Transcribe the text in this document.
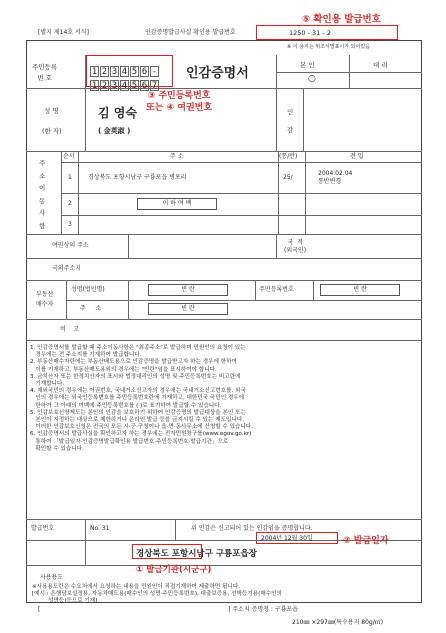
[별지 제14호 서식]	인감증명발급사실 확인용 발급번호	1250 - 31 - 2
⑤ 확인용 발급번호
※ 이 용지는 위조식별표시가 되어있음
주민등록
번 호
1 2 3 4 5 6 -
1 2 3 4 5 6 7
인감증명서
본 인	대 리
○
③ 주민등록번호
또는 ④ 여권번호
성 명
(한 자)
김 영숙
( 金英淑 )
인

감
주
소
이
동
사
항
순서	주 소	(통/반)	전 입
1	경상북도 포항시남구 구룡포읍 병포리	25/
2004.02.04
통반변경
2	이 하 여 백
3
여권상의 주소	국  적
(외국인)
국외주소지
부동산
매수자
성명(법인명)	빈 란	주민등록번호	빈 란
주     소	빈 란
비    고
1. 인감증명서를 발급할 때 주소이동사항은 "최종주소"로 발급하며 민원인의 요청이 있는
경우에는 전 주소지를 기재하여 발급합니다.
2. 부동산매수자란에는 부동산매도용으로 인감증명을 발급받고자 하는 경우에 한하여
이를 기재하고, 부동산매도용외의 경우에는 "빈란"임을 표시하여야 합니다.
3. 금치산자 또는 한정치산자의 표시와 법정대리인의 성명 및 주민등록번호는 비고란에
기재합니다.
4. 재외국민의 경우에는 여권번호, 국내거소신고자의 경우에는 국내거소신고번호를, 외국
인의 경우에는 외국인등록번호를 주민등록번호란에 기재하고, 대한민국 국민인 경우에
한하여 그 아래의 여백에 주민등록번호를 ( )로 표기하여 발급할 수 있습니다.
5. 인감보호신청제도는 본인의 인감을 보호하기 위하여 인감증명의 발급대상을 본인 또는
본인이 지정하는 대상으로 제한하거나 온라인 발급 등을 금지시킬 수 있는 제도입니다.
이러한 인감보호신청은 전국의 모든 시·군·구청이나 읍·면·동사무소에 신청할 수 있습니다.
6. 인감증명서의 발급사실을 확인하고자 하는 경우에는 전자민원창구를(www.egov.go.kr)
통하여 「발급일자·인감증명발급확인용 발급번호·주민등록번호·발급기관」으로
확인할 수 있습니다.
발급번호	No. 31	위 인감은 신고되어 있는 인감임을 증명합니다.
2004년 12월 30일	② 발급일자
경상북도 포항시남구 구룡포읍장
① 발급기관(시군구)
사용용도
※사용용도란은 수요처에서 요청하는 내용을 민원인이 직접기재하여 제출하면 됩니다.
[예시 : 은행담보설정용, 자동차매도용(매수인의 성명·주민등록번호), 대출보증용, 선박등기용(매수인의
성명등)등으로 기재]
[	] 주소지 증명청 : 구룡포읍
210㎜ ×297㎜(특수용지 80g/㎡)
